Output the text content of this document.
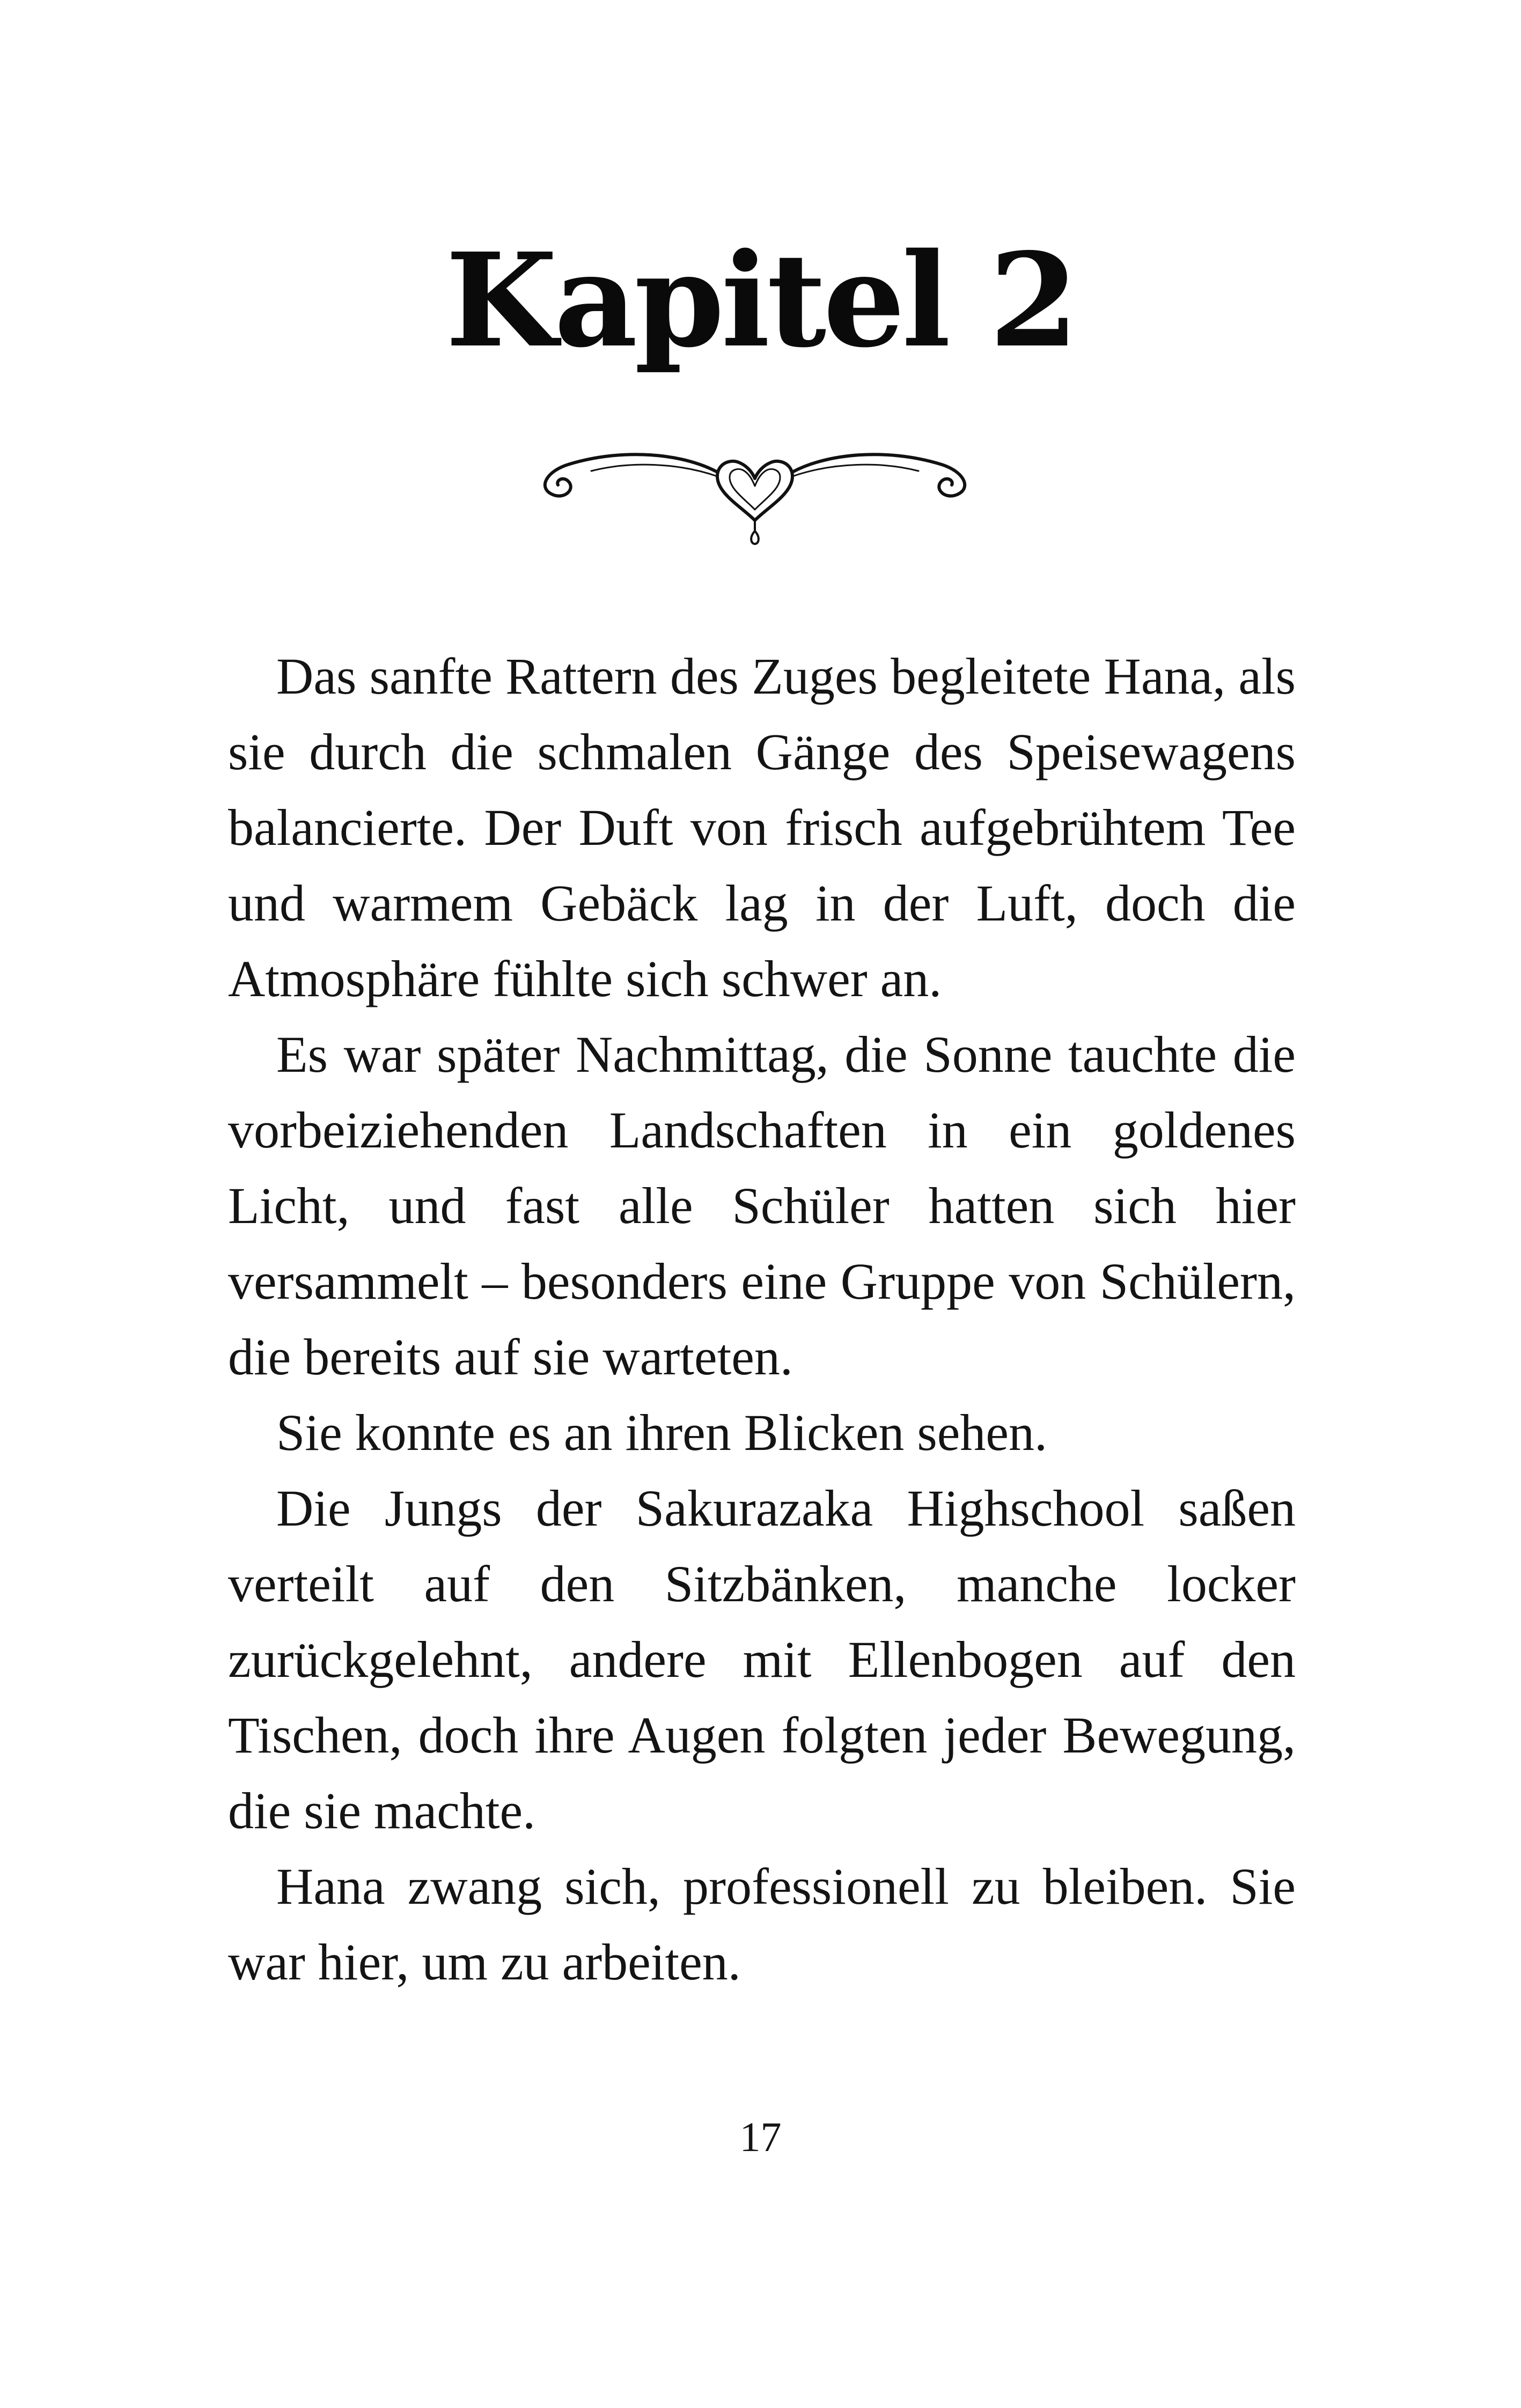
Kapitel 2

Das sanfte Rattern des Zuges begleitete Hana, als sie durch die schmalen Gänge des Speisewagens balancierte. Der Duft von frisch aufgebrühtem Tee und warmem Gebäck lag in der Luft, doch die Atmosphäre fühlte sich schwer an.

Es war später Nachmittag, die Sonne tauchte die vorbeiziehenden Landschaften in ein goldenes Licht, und fast alle Schüler hatten sich hier versammelt – besonders eine Gruppe von Schülern, die bereits auf sie warteten.

Sie konnte es an ihren Blicken sehen.

Die Jungs der Sakurazaka Highschool saßen verteilt auf den Sitzbänken, manche locker zurückgelehnt, andere mit Ellenbogen auf den Tischen, doch ihre Augen folgten jeder Bewegung, die sie machte.

Hana zwang sich, professionell zu bleiben. Sie war hier, um zu arbeiten.

17
